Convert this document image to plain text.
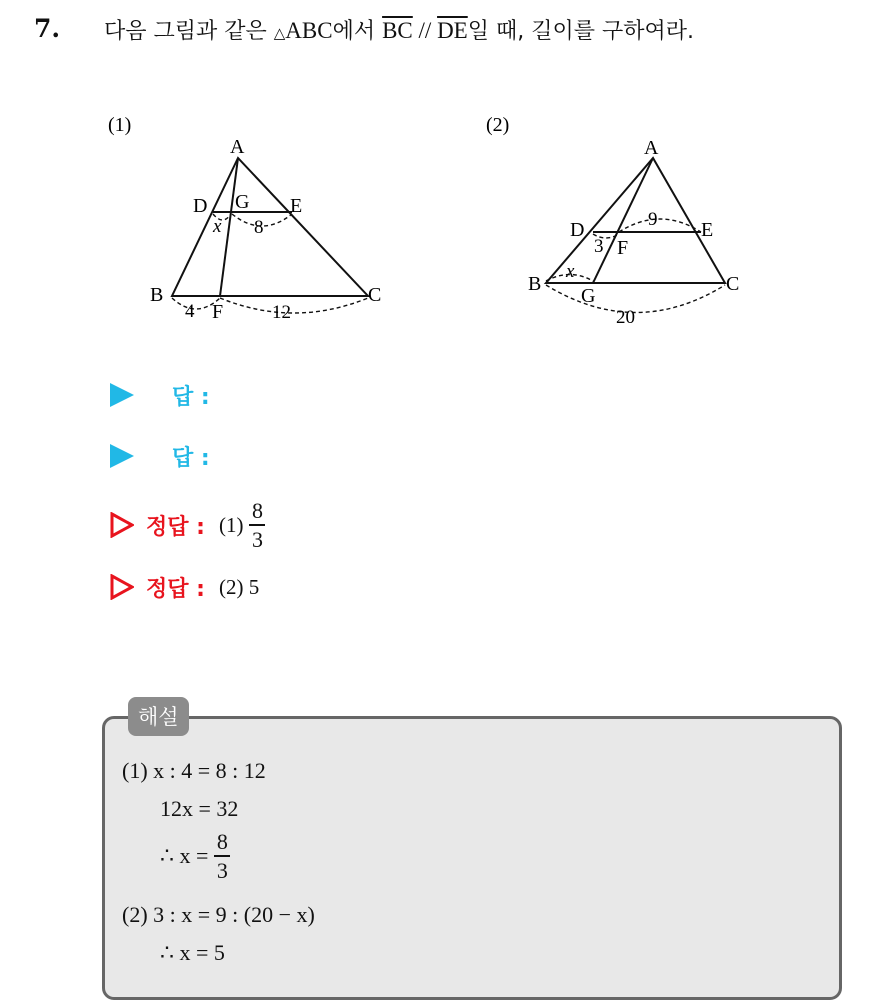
7. 다음 그림과 같은 △ABC에서 $\overline{BC} // \overline{DE}$일 때, 길이를 구하여라.
(1)
A
D G E
B
F
C
x 8
4	12
(2)
A
D	E
F
B
G
C
9
3
x
20
답 :
답 :
정답 : $(1) \frac{8}{3}$
정답 : (2) 5
해설
(1) x : 4 = 8 : 12
12x = 32
∴ $x = \frac{8}{3}$
(2) 3 : x = 9 : (20 − x)
∴ x = 5
